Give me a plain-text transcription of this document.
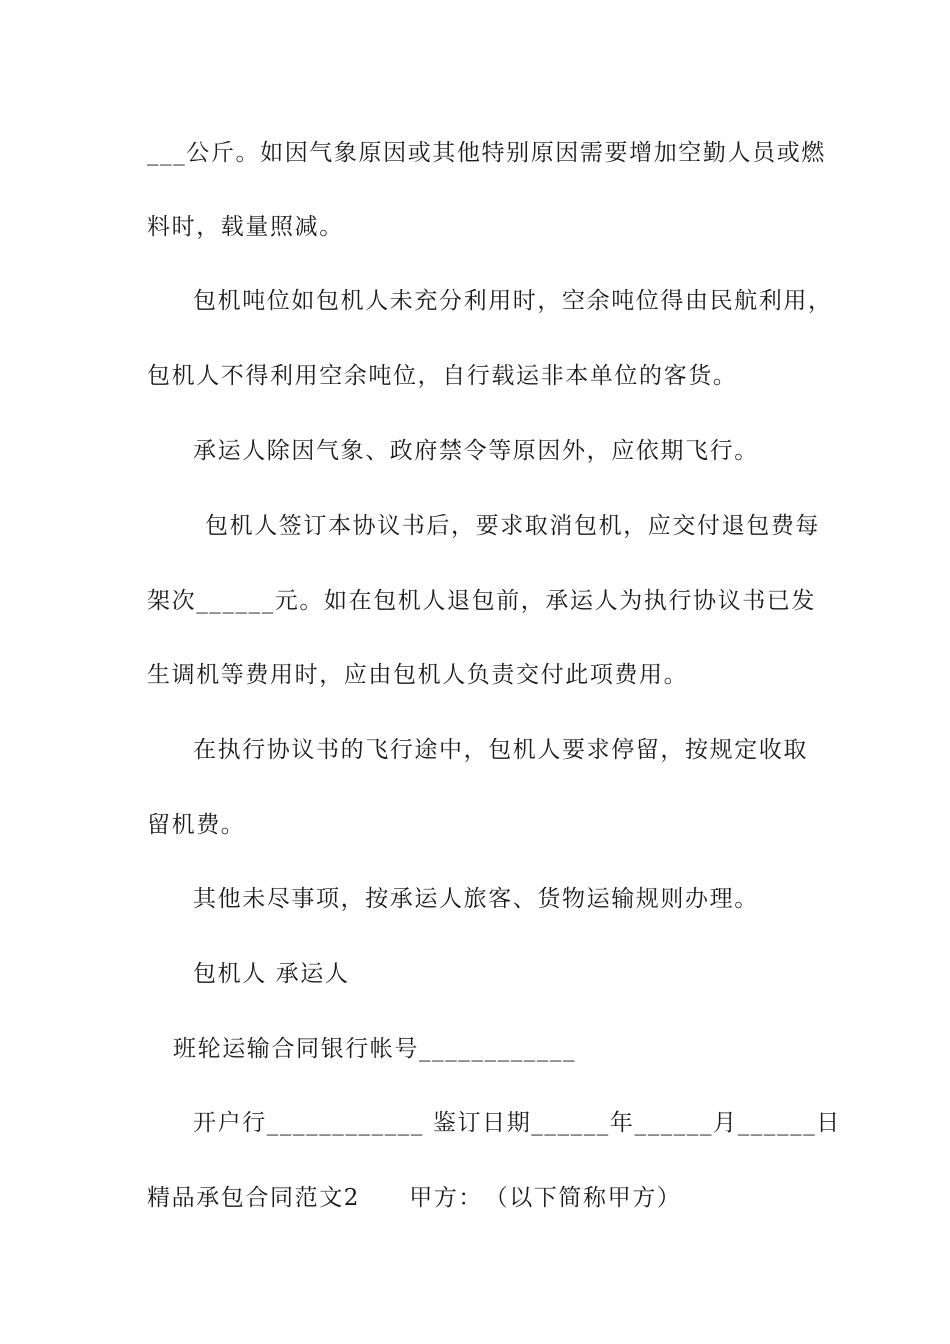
___公斤。如因气象原因或其他特别原因需要增加空勤人员或燃
料时，载量照减。
包机吨位如包机人未充分利用时，空余吨位得由民航利用，
包机人不得利用空余吨位，自行载运非本单位的客货。
承运人除因气象、政府禁令等原因外，应依期飞行。
包机人签订本协议书后，要求取消包机，应交付退包费每
架次______元。如在包机人退包前，承运人为执行协议书已发
生调机等费用时，应由包机人负责交付此项费用。
在执行协议书的飞行途中，包机人要求停留，按规定收取
留机费。
其他未尽事项，按承运人旅客、货物运输规则办理。
包机人 承运人
班轮运输合同银行帐号____________
开户行____________ 鉴订日期______年______月______日
精品承包合同范文2　　甲方：　（以下简称甲方）
